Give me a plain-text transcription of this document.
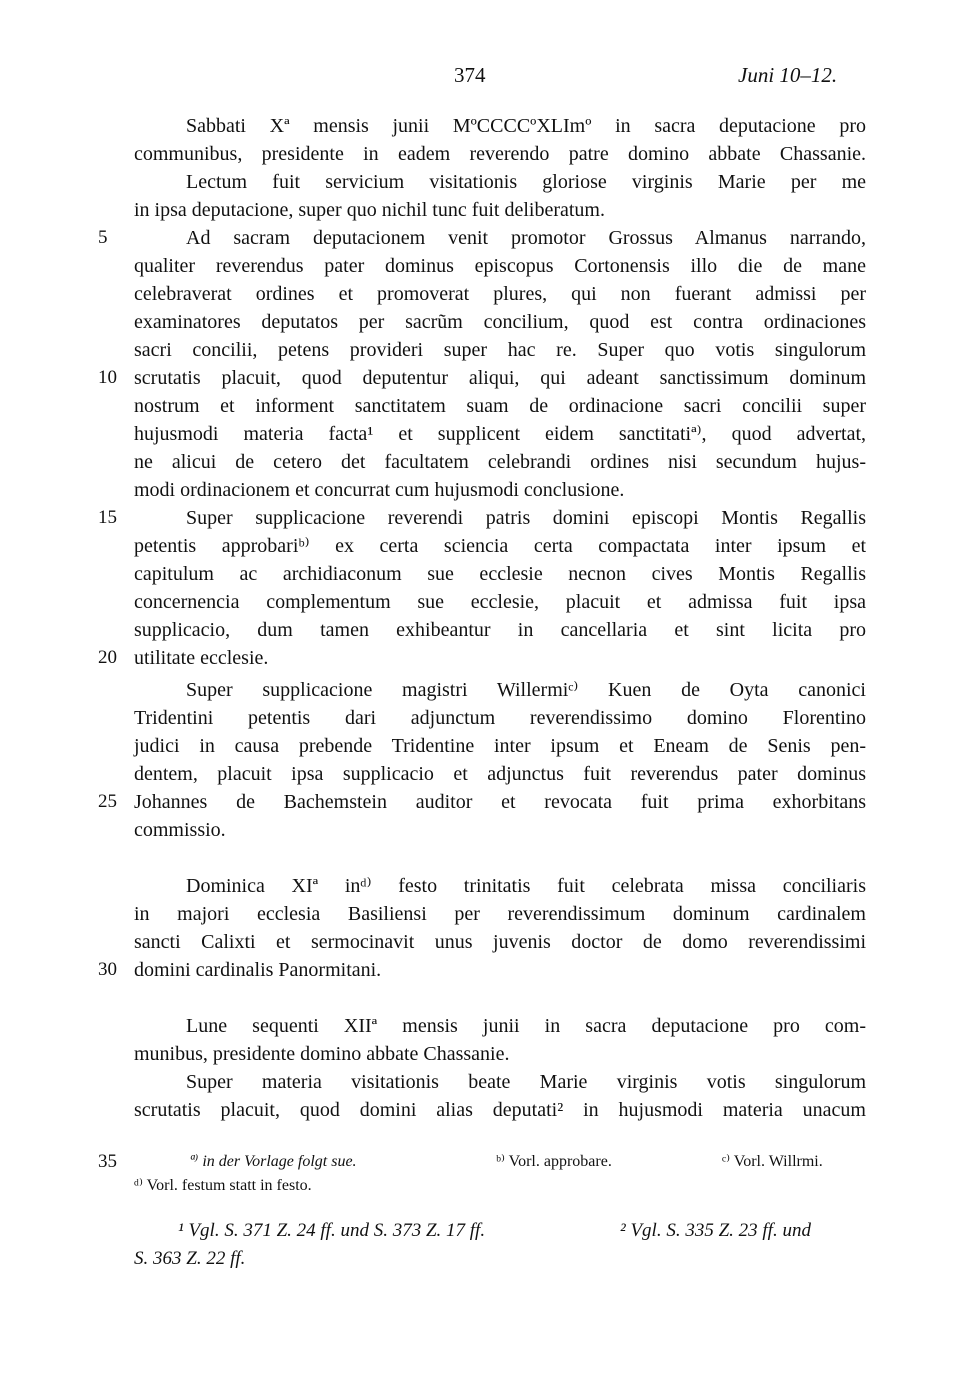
374	Juni 10–12.
Sabbati Xª mensis junii MºCCCCºXLImº in sacra deputacione pro
communibus, presidente in eadem reverendo patre domino abbate Chassanie.
Lectum fuit servicium visitationis gloriose virginis Marie per me
in ipsa deputacione, super quo nichil tunc fuit deliberatum.
Ad sacram deputacionem venit promotor Grossus Almanus narrando,
qualiter reverendus pater dominus episcopus Cortonensis illo die de mane
celebraverat ordines et promoverat plures, qui non fuerant admissi per
examinatores deputatos per sacrũm concilium, quod est contra ordinaciones
sacri concilii, petens provideri super hac re. Super quo votis singulorum
scrutatis placuit, quod deputentur aliqui, qui adeant sanctissimum dominum
nostrum et informent sanctitatem suam de ordinacione sacri concilii super
hujusmodi materia facta¹ et supplicent eidem sanctitatiª⁾, quod advertat,
ne alicui de cetero det facultatem celebrandi ordines nisi secundum hujus-
modi ordinacionem et concurrat cum hujusmodi conclusione.
Super supplicacione reverendi patris domini episcopi Montis Regallis
petentis approbariᵇ⁾ ex certa sciencia certa compactata inter ipsum et
capitulum ac archidiaconum sue ecclesie necnon cives Montis Regallis
concernencia complementum sue ecclesie, placuit et admissa fuit ipsa
supplicacio, dum tamen exhibeantur in cancellaria et sint licita pro
utilitate ecclesie.
Super supplicacione magistri Willermiᶜ⁾ Kuen de Oyta canonici
Tridentini petentis dari adjunctum reverendissimo domino Florentino
judici in causa prebende Tridentine inter ipsum et Eneam de Senis pen-
dentem, placuit ipsa supplicacio et adjunctus fuit reverendus pater dominus
Johannes de Bachemstein auditor et revocata fuit prima exhorbitans
commissio.
Dominica XIª inᵈ⁾ festo trinitatis fuit celebrata missa conciliaris
in majori ecclesia Basiliensi per reverendissimum dominum cardinalem
sancti Calixti et sermocinavit unus juvenis doctor de domo reverendissimi
domini cardinalis Panormitani.
Lune sequenti XIIª mensis junii in sacra deputacione pro com-
munibus, presidente domino abbate Chassanie.
Super materia visitationis beate Marie virginis votis singulorum
scrutatis placuit, quod domini alias deputati² in hujusmodi materia unacum
5
10
15
20
25
30
35	ª⁾ in der Vorlage folgt sue.	ᵇ⁾ Vorl. approbare.	ᶜ⁾ Vorl. Willrmi.
ᵈ⁾ Vorl. festum statt in festo.
¹ Vgl. S. 371 Z. 24 ff. und S. 373 Z. 17 ff.	² Vgl. S. 335 Z. 23 ff. und
S. 363 Z. 22 ff.
